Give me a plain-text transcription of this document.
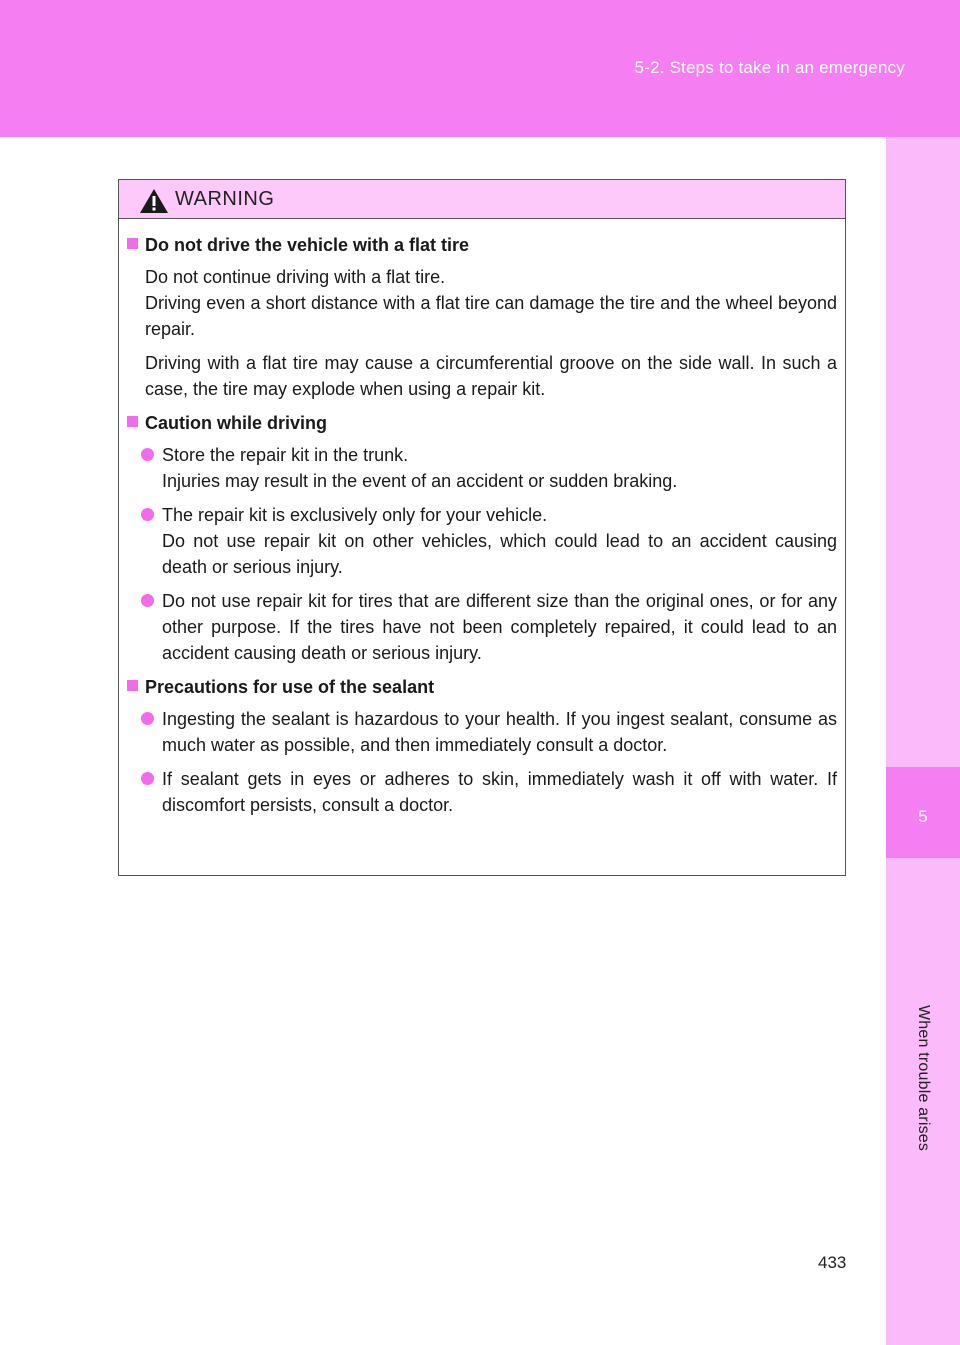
5-2. Steps to take in an emergency
5
When trouble arises
WARNING
Do not drive the vehicle with a flat tire
Do not continue driving with a flat tire.
Driving even a short distance with a flat tire can damage the tire and the wheel beyond repair.
Driving with a flat tire may cause a circumferential groove on the side wall. In such a case, the tire may explode when using a repair kit.
Caution while driving
Store the repair kit in the trunk.
Injuries may result in the event of an accident or sudden braking.
The repair kit is exclusively only for your vehicle.
Do not use repair kit on other vehicles, which could lead to an accident causing death or serious injury.
Do not use repair kit for tires that are different size than the original ones, or for any other purpose. If the tires have not been completely repaired, it could lead to an accident causing death or serious injury.
Precautions for use of the sealant
Ingesting the sealant is hazardous to your health. If you ingest sealant, consume as much water as possible, and then immediately consult a doctor.
If sealant gets in eyes or adheres to skin, immediately wash it off with water. If discomfort persists, consult a doctor.
433
